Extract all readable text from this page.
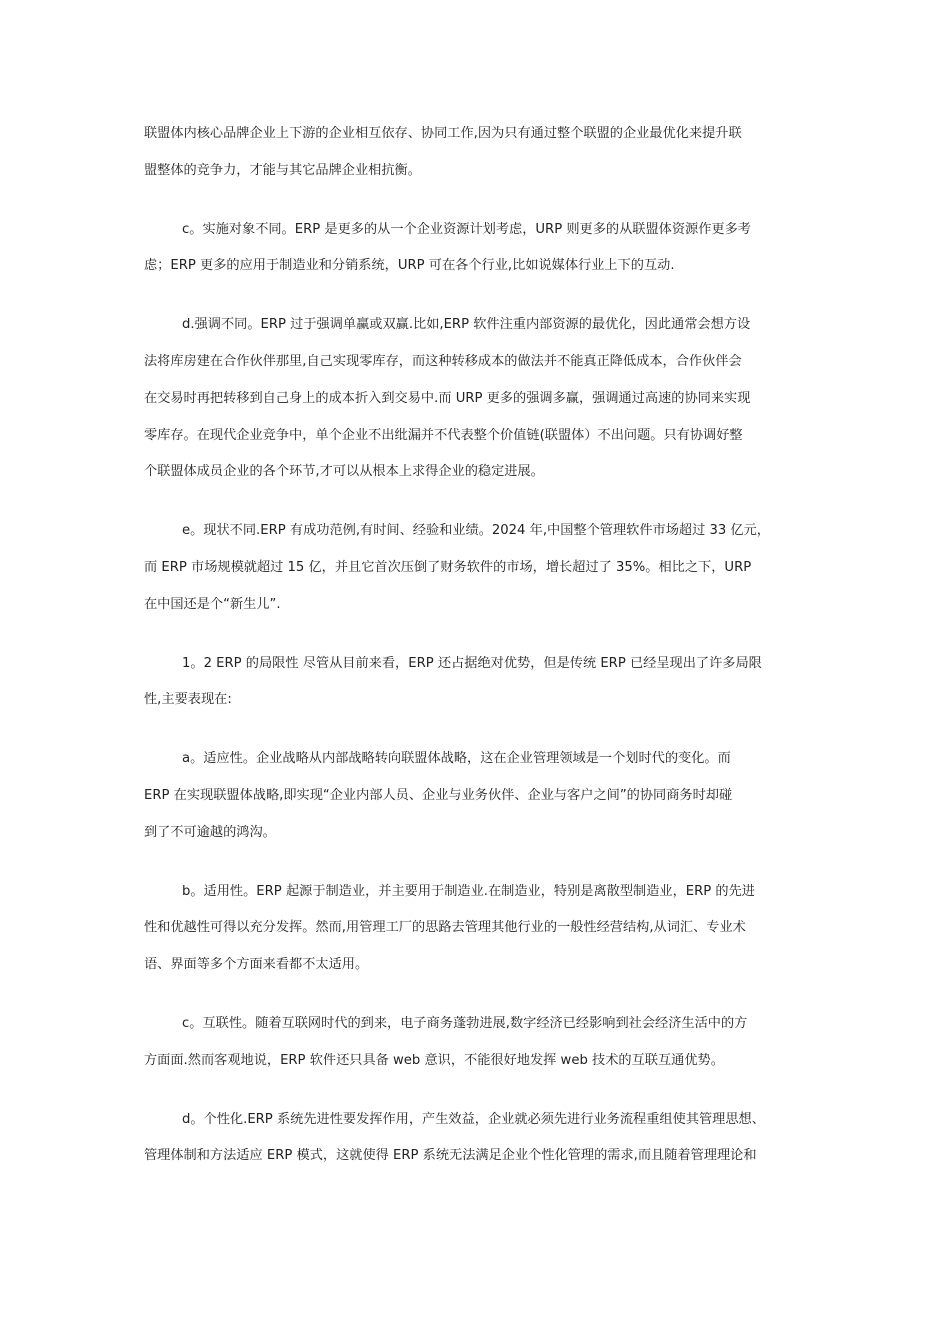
联盟体内核心品牌企业上下游的企业相互依存、协同工作,因为只有通过整个联盟的企业最优化来提升联
盟整体的竞争力，才能与其它品牌企业相抗衡。
c。实施对象不同。ERP 是更多的从一个企业资源计划考虑，URP 则更多的从联盟体资源作更多考
虑；ERP 更多的应用于制造业和分销系统，URP 可在各个行业,比如说媒体行业上下的互动.
d.强调不同。ERP 过于强调单赢或双赢.比如,ERP 软件注重内部资源的最优化，因此通常会想方设
法将库房建在合作伙伴那里,自己实现零库存，而这种转移成本的做法并不能真正降低成本，合作伙伴会
在交易时再把转移到自己身上的成本折入到交易中.而 URP 更多的强调多赢，强调通过高速的协同来实现
零库存。在现代企业竞争中，单个企业不出纰漏并不代表整个价值链(联盟体）不出问题。只有协调好整
个联盟体成员企业的各个环节,才可以从根本上求得企业的稳定进展。
e。现状不同.ERP 有成功范例,有时间、经验和业绩。2024 年,中国整个管理软件市场超过 33 亿元，
而 ERP 市场规模就超过 15 亿，并且它首次压倒了财务软件的市场，增长超过了 35%。相比之下，URP
在中国还是个“新生儿”.
1。2 ERP 的局限性 尽管从目前来看，ERP 还占据绝对优势，但是传统 ERP 已经呈现出了许多局限
性,主要表现在:
a。适应性。企业战略从内部战略转向联盟体战略，这在企业管理领域是一个划时代的变化。而
ERP 在实现联盟体战略,即实现“企业内部人员、企业与业务伙伴、企业与客户之间”的协同商务时却碰
到了不可逾越的鸿沟。
b。适用性。ERP 起源于制造业，并主要用于制造业.在制造业，特别是离散型制造业，ERP 的先进
性和优越性可得以充分发挥。然而,用管理工厂的思路去管理其他行业的一般性经营结构,从词汇、专业术
语、界面等多个方面来看都不太适用。
c。互联性。随着互联网时代的到来，电子商务蓬勃进展,数字经济已经影响到社会经济生活中的方
方面面.然而客观地说，ERP 软件还只具备 web 意识，不能很好地发挥 web 技术的互联互通优势。
d。个性化.ERP 系统先进性要发挥作用，产生效益，企业就必须先进行业务流程重组使其管理思想、
管理体制和方法适应 ERP 模式，这就使得 ERP 系统无法满足企业个性化管理的需求,而且随着管理理论和
